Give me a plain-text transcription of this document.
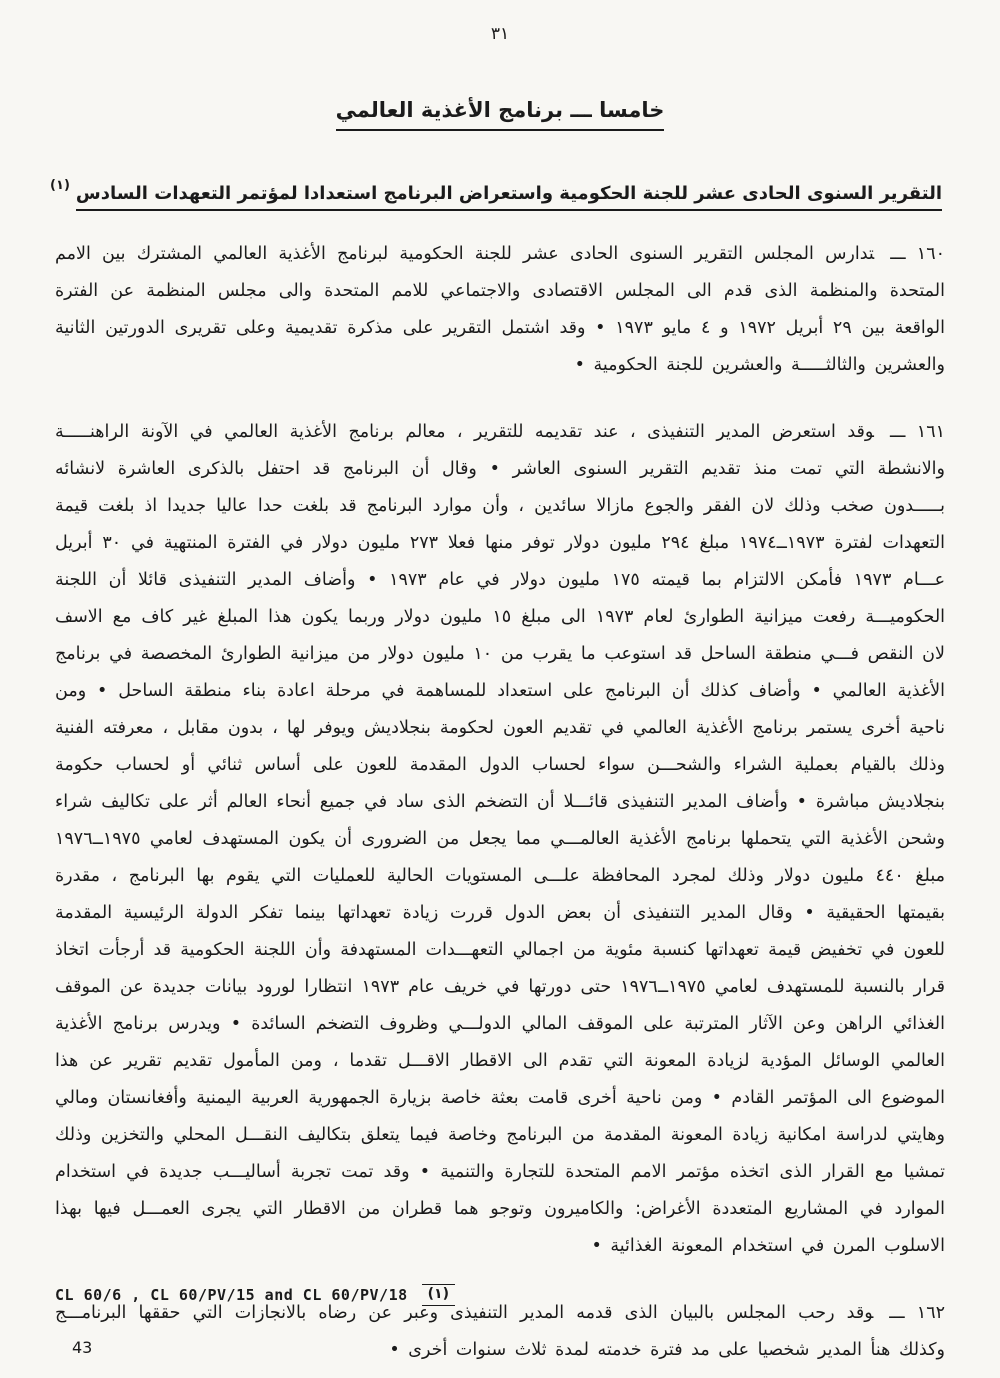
٣١
خامسا ـــ برنامج الأغذية العالمي
التقرير السنوى الحادى عشر للجنة الحكومية واستعراض البرنامج استعدادا لمؤتمر التعهدات السادس(١)

١٦٠ ـــتدارس المجلس التقرير السنوى الحادى عشر للجنة الحكومية لبرنامج الأغذية العالمي المشترك بين الامم المتحدة والمنظمة الذى قدم الى المجلس الاقتصادى والاجتماعي للامم المتحدة والى مجلس المنظمة عن الفترة الواقعة بين ٢٩ أبريل ١٩٧٢ و ٤ مايو ١٩٧٣ • وقد اشتمل التقرير على مذكرة تقديمية وعلى تقريرى الدورتين الثانية والعشرين والثالثـــــة والعشرين للجنة الحكومية •

١٦١ ـــوقد استعرض المدير التنفيذى ، عند تقديمه للتقرير ، معالم برنامج الأغذية العالمي في الآونة الراهنـــــة والانشطة التي تمت منذ تقديم التقرير السنوى العاشر • وقال أن البرنامج قد احتفل بالذكرى العاشرة لانشائه بـــــدون صخب وذلك لان الفقر والجوع مازالا سائدين ، وأن موارد البرنامج قد بلغت حدا عاليا جديدا اذ بلغت قيمة التعهدات لفترة ١٩٧٣ــ١٩٧٤ مبلغ ٢٩٤ مليون دولار توفر منها فعلا ٢٧٣ مليون دولار في الفترة المنتهية في ٣٠ أبريل عـــام ١٩٧٣ فأمكن الالتزام بما قيمته ١٧٥ مليون دولار في عام ١٩٧٣ • وأضاف المدير التنفيذى قائلا أن اللجنة الحكوميـــة رفعت ميزانية الطوارئ لعام ١٩٧٣ الى مبلغ ١٥ مليون دولار وربما يكون هذا المبلغ غير كاف مع الاسف لان النقص فـــي منطقة الساحل قد استوعب ما يقرب من ١٠ مليون دولار من ميزانية الطوارئ المخصصة في برنامج الأغذية العالمي • وأضاف كذلك أن البرنامج على استعداد للمساهمة في مرحلة اعادة بناء منطقة الساحل • ومن ناحية أخرى يستمر برنامج الأغذية العالمي في تقديم العون لحكومة بنجلاديش ويوفر لها ، بدون مقابل ، معرفته الفنية وذلك بالقيام بعملية الشراء والشحـــن سواء لحساب الدول المقدمة للعون على أساس ثنائي أو لحساب حكومة بنجلاديش مباشرة • وأضاف المدير التنفيذى قائـــلا أن التضخم الذى ساد في جميع أنحاء العالم أثر على تكاليف شراء وشحن الأغذية التي يتحملها برنامج الأغذية العالمـــي مما يجعل من الضرورى أن يكون المستهدف لعامي ١٩٧٥ــ١٩٧٦ مبلغ ٤٤٠ مليون دولار وذلك لمجرد المحافظة علـــى المستويات الحالية للعمليات التي يقوم بها البرنامج ، مقدرة بقيمتها الحقيقية • وقال المدير التنفيذى أن بعض الدول قررت زيادة تعهداتها بينما تفكر الدولة الرئيسية المقدمة للعون في تخفيض قيمة تعهداتها كنسبة مئوية من اجمالي التعهـــدات المستهدفة وأن اللجنة الحكومية قد أرجأت اتخاذ قرار بالنسبة للمستهدف لعامي ١٩٧٥ــ١٩٧٦ حتى دورتها في خريف عام ١٩٧٣ انتظارا لورود بيانات جديدة عن الموقف الغذائي الراهن وعن الآثار المترتبة على الموقف المالي الدولـــي وظروف التضخم السائدة • ويدرس برنامج الأغذية العالمي الوسائل المؤدية لزيادة المعونة التي تقدم الى الاقطار الاقـــل تقدما ، ومن المأمول تقديم تقرير عن هذا الموضوع الى المؤتمر القادم • ومن ناحية أخرى قامت بعثة خاصة بزيارة الجمهورية العربية اليمنية وأفغانستان ومالي وهايتي لدراسة امكانية زيادة المعونة المقدمة من البرنامج وخاصة فيما يتعلق بتكاليف النقـــل المحلي والتخزين وذلك تمشيا مع القرار الذى اتخذه مؤتمر الامم المتحدة للتجارة والتنمية • وقد تمت تجربة أساليـــب جديدة في استخدام الموارد في المشاريع المتعددة الأغراض: والكاميرون وتوجو هما قطران من الاقطار التي يجرى العمـــل فيها بهذا الاسلوب المرن في استخدام المعونة الغذائية •

١٦٢ ـــوقد رحب المجلس بالبيان الذى قدمه المدير التنفيذى وعبر عن رضاه بالانجازات التي حققها البرنامـــج وكذلك هنأ المدير شخصيا على مد فترة خدمته لمدة ثلاث سنوات أخرى •

CL 60/6 , CL 60/PV/15 and CL 60/PV/18 (١)
43
